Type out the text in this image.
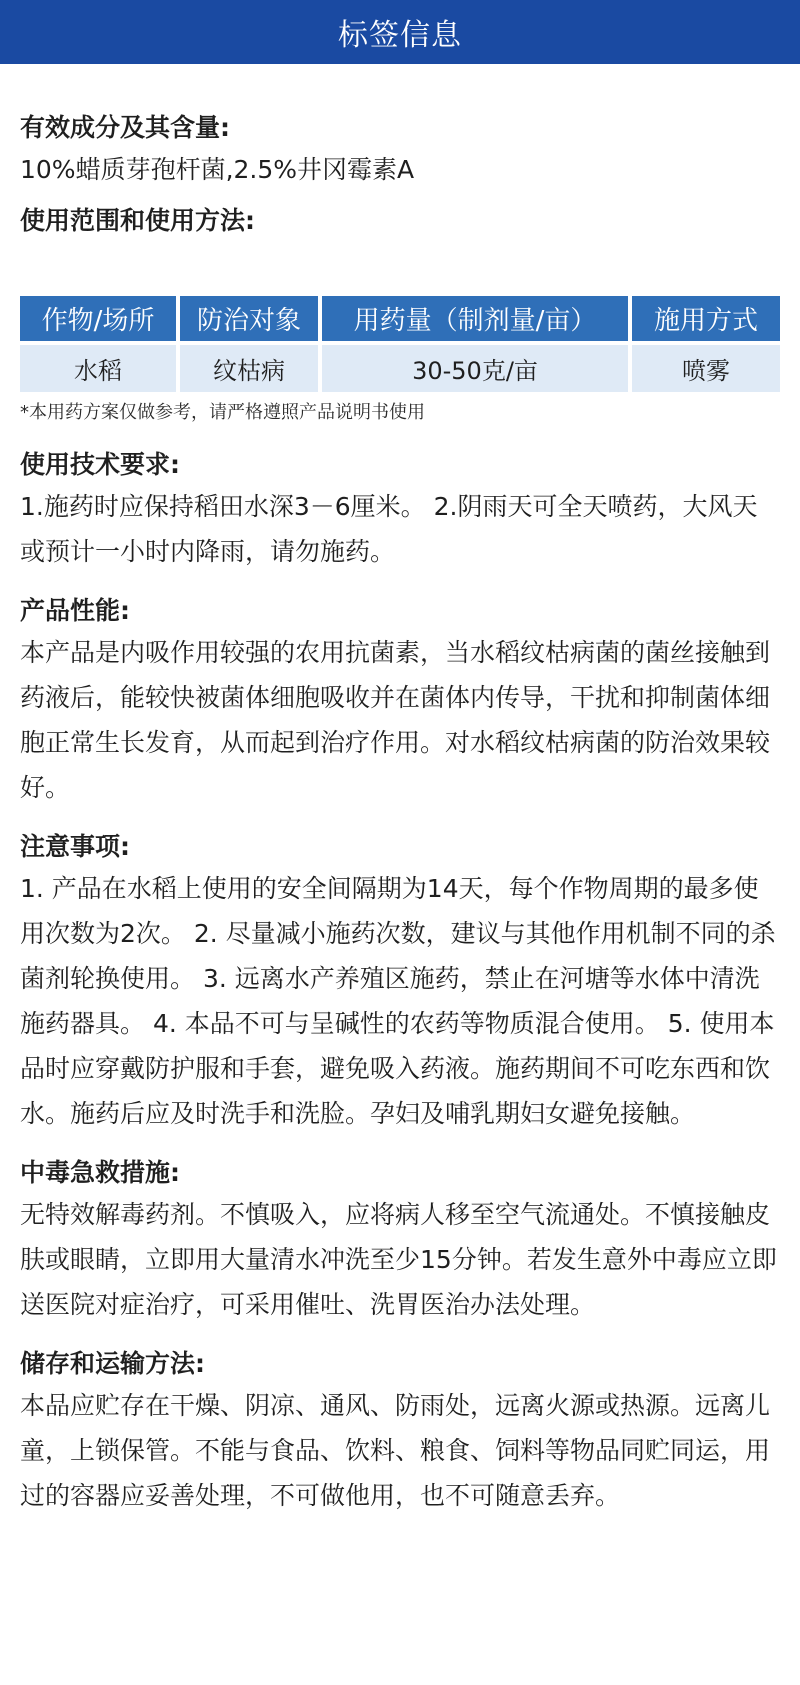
标签信息

有效成分及其含量:

10%蜡质芽孢杆菌,2.5%井冈霉素A

使用范围和使用方法:

作物/场所	防治对象	用药量（制剂量/亩）	施用方式
水稻	纹枯病	30-50克/亩	喷雾

*本用药方案仅做参考，请严格遵照产品说明书使用

使用技术要求:

1.施药时应保持稻田水深3－6厘米。 2.阴雨天可全天喷药，大风天或预计一小时内降雨，请勿施药。

产品性能:

本产品是内吸作用较强的农用抗菌素，当水稻纹枯病菌的菌丝接触到药液后，能较快被菌体细胞吸收并在菌体内传导，干扰和抑制菌体细胞正常生长发育，从而起到治疗作用。对水稻纹枯病菌的防治效果较好。

注意事项:

1. 产品在水稻上使用的安全间隔期为14天，每个作物周期的最多使用次数为2次。 2. 尽量减小施药次数，建议与其他作用机制不同的杀菌剂轮换使用。 3. 远离水产养殖区施药，禁止在河塘等水体中清洗施药器具。 4. 本品不可与呈碱性的农药等物质混合使用。 5. 使用本品时应穿戴防护服和手套，避免吸入药液。施药期间不可吃东西和饮水。施药后应及时洗手和洗脸。孕妇及哺乳期妇女避免接触。

中毒急救措施:

无特效解毒药剂。不慎吸入，应将病人移至空气流通处。不慎接触皮肤或眼睛，立即用大量清水冲洗至少15分钟。若发生意外中毒应立即送医院对症治疗，可采用催吐、洗胃医治办法处理。

储存和运输方法:

本品应贮存在干燥、阴凉、通风、防雨处，远离火源或热源。远离儿童，上锁保管。不能与食品、饮料、粮食、饲料等物品同贮同运，用过的容器应妥善处理，不可做他用，也不可随意丢弃。
